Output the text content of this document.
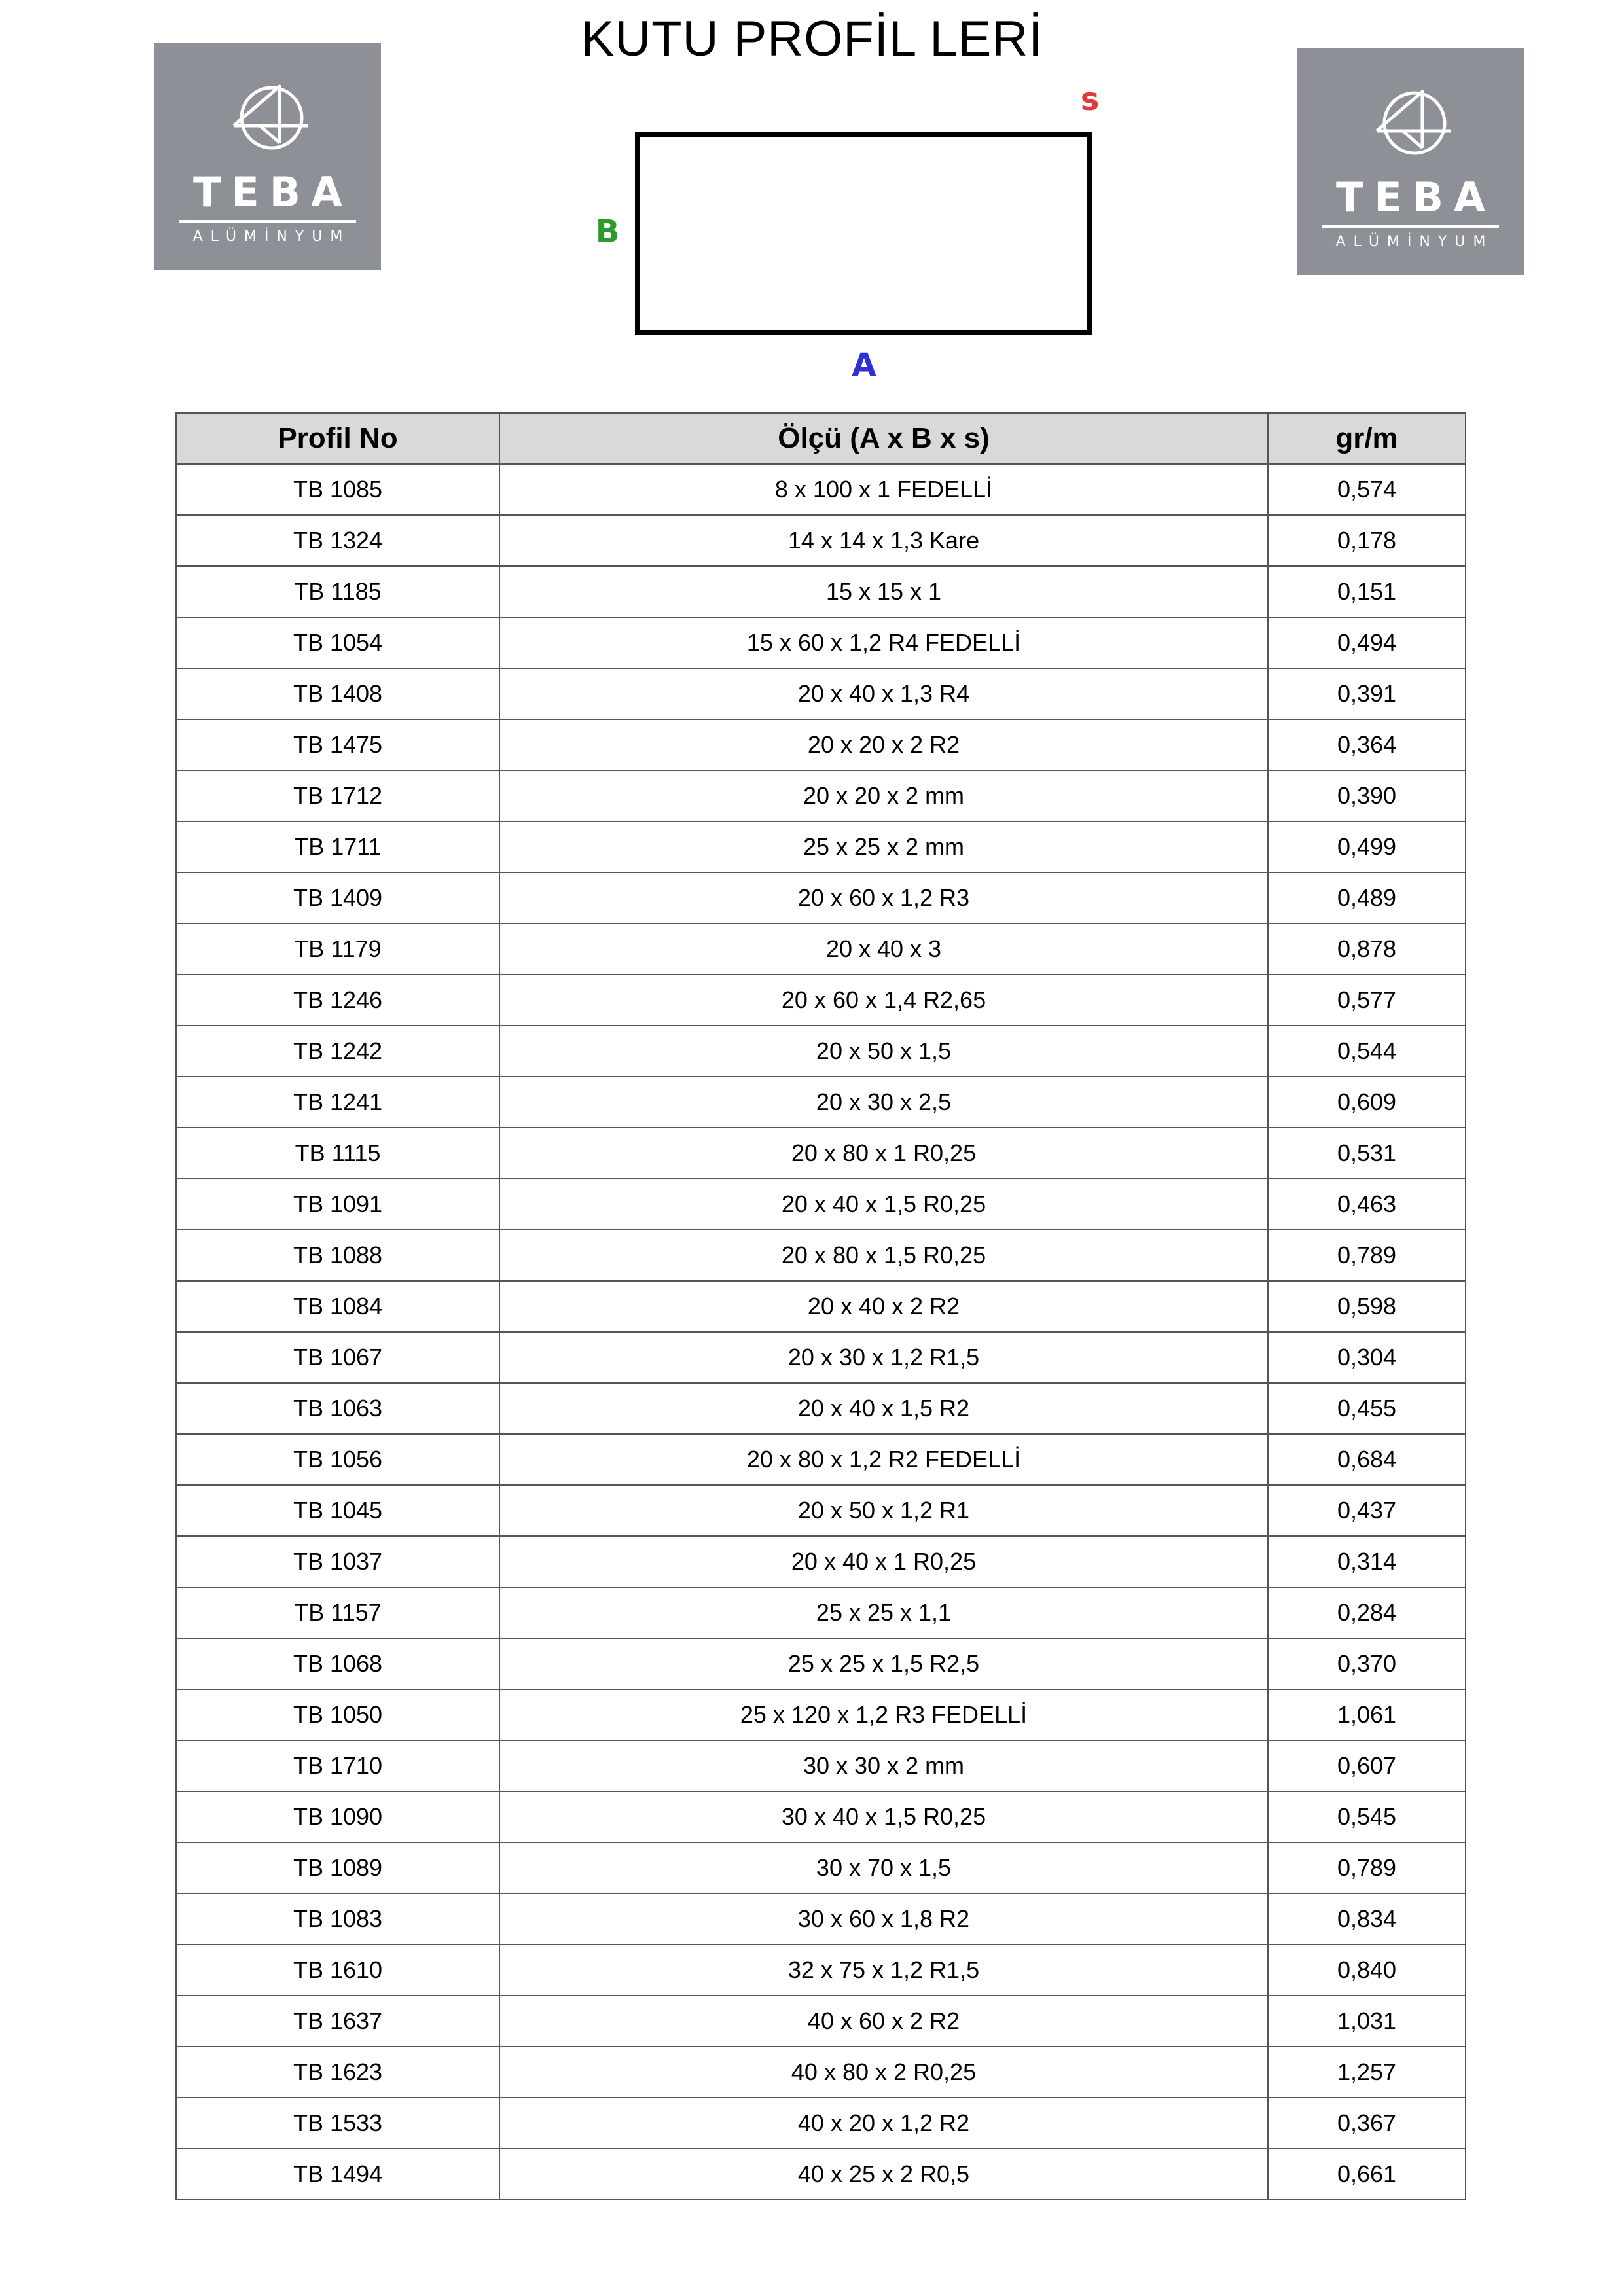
KUTU PROFİL LERİ
TEBA
ALÜMİNYUM
TEBA
ALÜMİNYUM
s
B
A
Profil No	Ölçü (A x B x s)	gr/m
TB 1085	8 x 100 x 1 FEDELLİ	0,574
TB 1324	14 x 14 x 1,3 Kare	0,178
TB 1185	15 x 15 x 1	0,151
TB 1054	15 x 60 x 1,2 R4 FEDELLİ	0,494
TB 1408	20 x 40 x 1,3 R4	0,391
TB 1475	20 x 20 x 2 R2	0,364
TB 1712	20 x 20 x 2 mm	0,390
TB 1711	25 x 25 x 2 mm	0,499
TB 1409	20 x 60 x 1,2 R3	0,489
TB 1179	20 x 40 x 3	0,878
TB 1246	20 x 60 x 1,4 R2,65	0,577
TB 1242	20 x 50 x 1,5	0,544
TB 1241	20 x 30 x 2,5	0,609
TB 1115	20 x 80 x 1 R0,25	0,531
TB 1091	20 x 40 x 1,5 R0,25	0,463
TB 1088	20 x 80 x 1,5 R0,25	0,789
TB 1084	20 x 40 x 2 R2	0,598
TB 1067	20 x 30 x 1,2 R1,5	0,304
TB 1063	20 x 40 x 1,5 R2	0,455
TB 1056	20 x 80 x 1,2 R2 FEDELLİ	0,684
TB 1045	20 x 50 x 1,2 R1	0,437
TB 1037	20 x 40 x 1 R0,25	0,314
TB 1157	25 x 25 x 1,1	0,284
TB 1068	25 x 25 x 1,5 R2,5	0,370
TB 1050	25 x 120 x 1,2 R3 FEDELLİ	1,061
TB 1710	30 x 30 x 2 mm	0,607
TB 1090	30 x 40 x 1,5 R0,25	0,545
TB 1089	30 x 70 x 1,5	0,789
TB 1083	30 x 60 x 1,8 R2	0,834
TB 1610	32 x 75 x 1,2 R1,5	0,840
TB 1637	40 x 60 x 2 R2	1,031
TB 1623	40 x 80 x 2 R0,25	1,257
TB 1533	40 x 20 x 1,2 R2	0,367
TB 1494	40 x 25 x 2 R0,5	0,661
